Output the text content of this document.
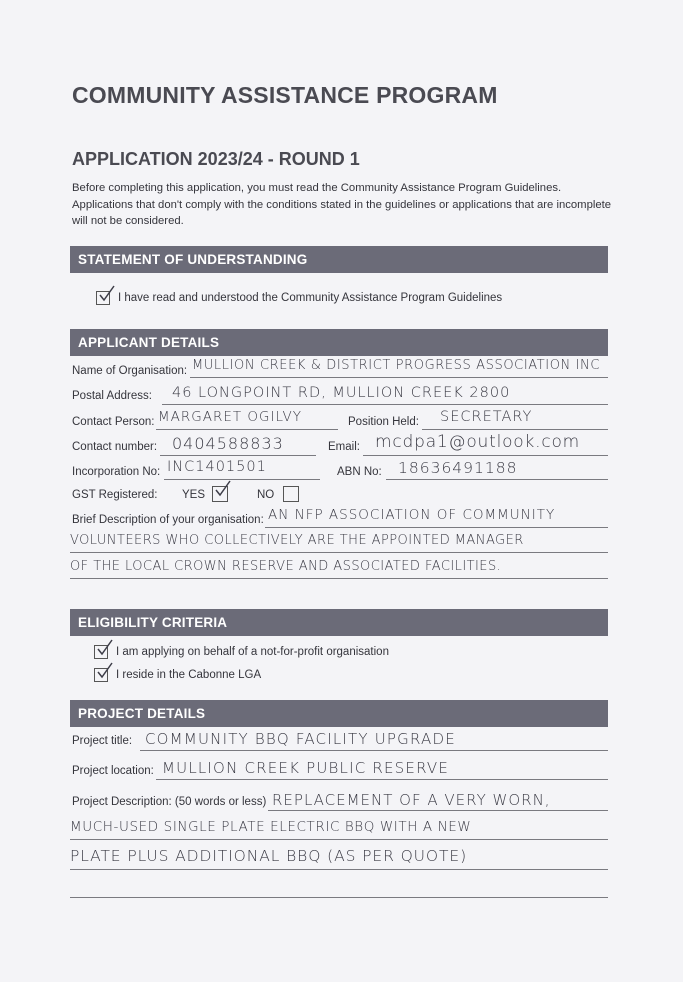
COMMUNITY ASSISTANCE PROGRAM
APPLICATION 2023/24 - ROUND 1
Before completing this application, you must read the Community Assistance Program Guidelines. Applications that don't comply with the conditions stated in the guidelines or applications that are incomplete will not be considered.
STATEMENT OF UNDERSTANDING
I have read and understood the Community Assistance Program Guidelines
APPLICANT DETAILS
Name of Organisation: MULLION CREEK & DISTRICT PROGRESS ASSOCIATION INC
Postal Address: 46 LONGPOINT RD, MULLION CREEK 2800
Contact Person: MARGARET OGILVY	Position Held: SECRETARY
Contact number: 0404588833	Email: mcdpa1@outlook.com
Incorporation No: INC1401501	ABN No: 18636491188
GST Registered: YES	NO
Brief Description of your organisation: AN NFP ASSOCIATION OF COMMUNITY
VOLUNTEERS WHO COLLECTIVELY ARE THE APPOINTED MANAGER
OF THE LOCAL CROWN RESERVE AND ASSOCIATED FACILITIES.
ELIGIBILITY CRITERIA
I am applying on behalf of a not-for-profit organisation
I reside in the Cabonne LGA
PROJECT DETAILS
Project title: COMMUNITY BBQ FACILITY UPGRADE
Project location: MULLION CREEK PUBLIC RESERVE
Project Description: (50 words or less) REPLACEMENT OF A VERY WORN,
MUCH-USED SINGLE PLATE ELECTRIC BBQ WITH A NEW
PLATE PLUS ADDITIONAL BBQ (AS PER QUOTE)
